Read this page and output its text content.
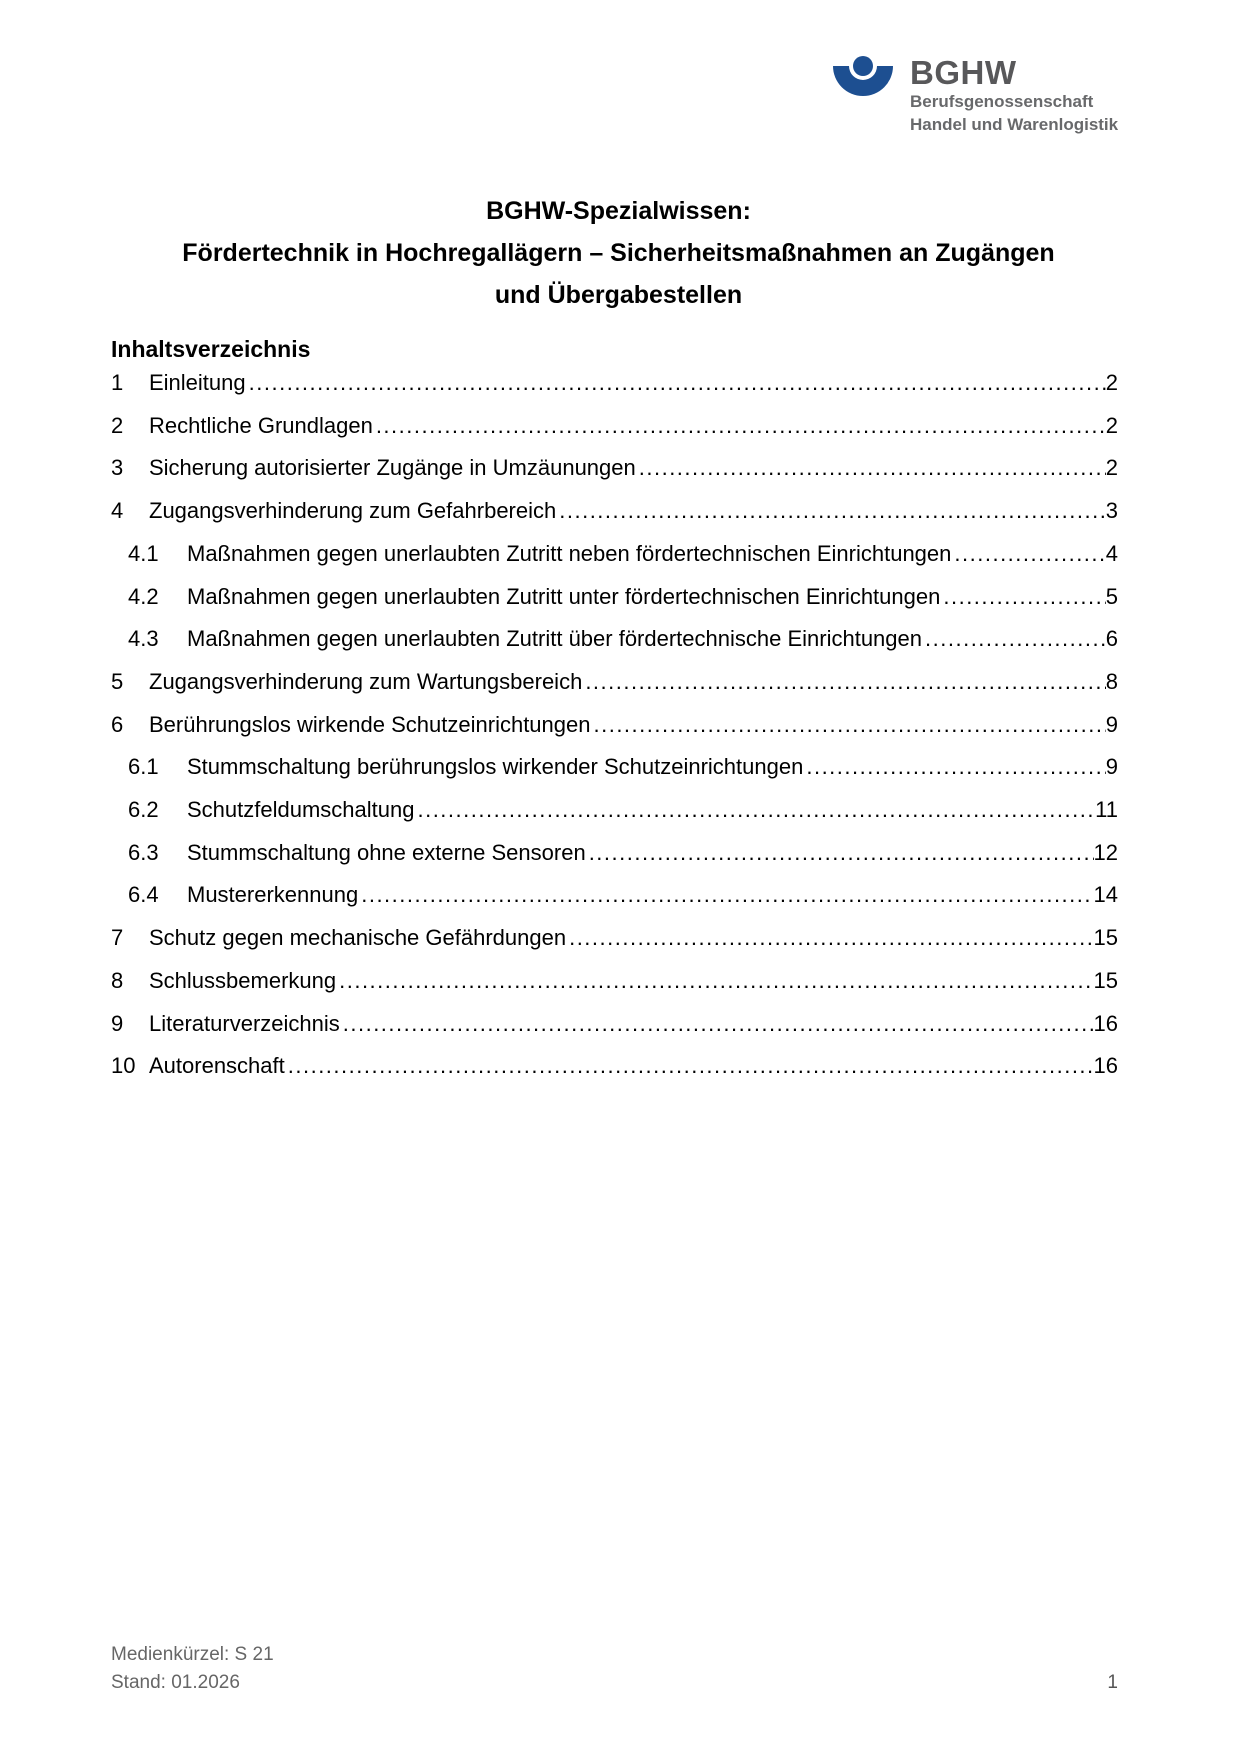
BGHW
Berufsgenossenschaft
Handel und Warenlogistik
BGHW-Spezialwissen:
Fördertechnik in Hochregallägern – Sicherheitsmaßnahmen an Zugängen
und Übergabestellen
Inhaltsverzeichnis
1	Einleitung .....	2
2	Rechtliche Grundlagen .....	2
3	Sicherung autorisierter Zugänge in Umzäunungen .....	2
4	Zugangsverhinderung zum Gefahrbereich .....	3
4.1	Maßnahmen gegen unerlaubten Zutritt neben fördertechnischen Einrichtungen .....	4
4.2	Maßnahmen gegen unerlaubten Zutritt unter fördertechnischen Einrichtungen .....	5
4.3	Maßnahmen gegen unerlaubten Zutritt über fördertechnische Einrichtungen .....	6
5	Zugangsverhinderung zum Wartungsbereich .....	8
6	Berührungslos wirkende Schutzeinrichtungen .....	9
6.1	Stummschaltung berührungslos wirkender Schutzeinrichtungen .....	9
6.2	Schutzfeldumschaltung .....	11
6.3	Stummschaltung ohne externe Sensoren .....	12
6.4	Mustererkennung .....	14
7	Schutz gegen mechanische Gefährdungen .....	15
8	Schlussbemerkung .....	15
9	Literaturverzeichnis .....	16
10 Autorenschaft .....	16
Medienkürzel: S 21
Stand: 01.2026	1
